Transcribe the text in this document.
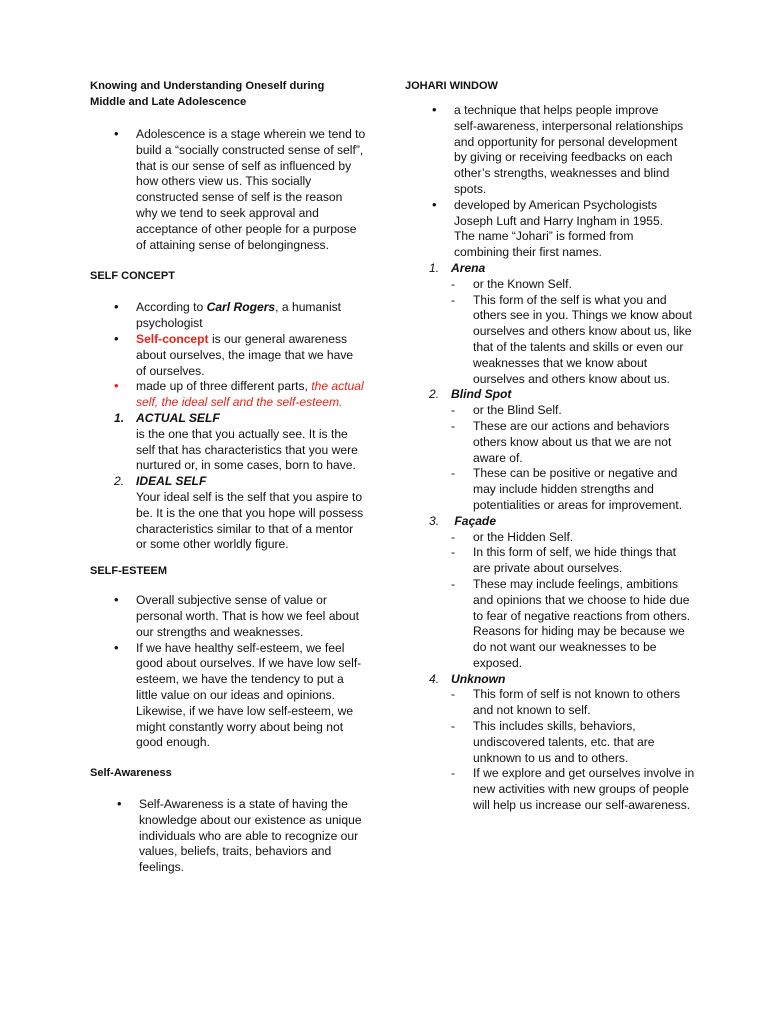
Knowing and Understanding Oneself during Middle and Late Adolescence

• Adolescence is a stage wherein we tend to build a “socially constructed sense of self”, that is our sense of self as influenced by how others view us. This socially constructed sense of self is the reason why we tend to seek approval and acceptance of other people for a purpose of attaining sense of belongingness.

SELF CONCEPT

• According to Carl Rogers, a humanist psychologist
• Self-concept is our general awareness about ourselves, the image that we have of ourselves.
• made up of three different parts, the actual self, the ideal self and the self-esteem.
1. ACTUAL SELF
is the one that you actually see. It is the self that has characteristics that you were nurtured or, in some cases, born to have.
2. IDEAL SELF
Your ideal self is the self that you aspire to be. It is the one that you hope will possess characteristics similar to that of a mentor or some other worldly figure.

SELF-ESTEEM

• Overall subjective sense of value or personal worth. That is how we feel about our strengths and weaknesses.
• If we have healthy self-esteem, we feel good about ourselves. If we have low self-esteem, we have the tendency to put a little value on our ideas and opinions. Likewise, if we have low self-esteem, we might constantly worry about being not good enough.

Self-Awareness

• Self-Awareness is a state of having the knowledge about our existence as unique individuals who are able to recognize our values, beliefs, traits, behaviors and feelings.

JOHARI WINDOW

• a technique that helps people improve self-awareness, interpersonal relationships and opportunity for personal development by giving or receiving feedbacks on each other’s strengths, weaknesses and blind spots.
• developed by American Psychologists Joseph Luft and Harry Ingham in 1955. The name “Johari” is formed from combining their first names.
1. Arena
- or the Known Self.
- This form of the self is what you and others see in you. Things we know about ourselves and others know about us, like that of the talents and skills or even our weaknesses that we know about ourselves and others know about us.
2. Blind Spot
- or the Blind Self.
- These are our actions and behaviors others know about us that we are not aware of.
- These can be positive or negative and may include hidden strengths and potentialities or areas for improvement.
3. Façade
- or the Hidden Self.
- In this form of self, we hide things that are private about ourselves.
- These may include feelings, ambitions and opinions that we choose to hide due to fear of negative reactions from others. Reasons for hiding may be because we do not want our weaknesses to be exposed.
4. Unknown
- This form of self is not known to others and not known to self.
- This includes skills, behaviors, undiscovered talents, etc. that are unknown to us and to others.
- If we explore and get ourselves involve in new activities with new groups of people will help us increase our self-awareness.
